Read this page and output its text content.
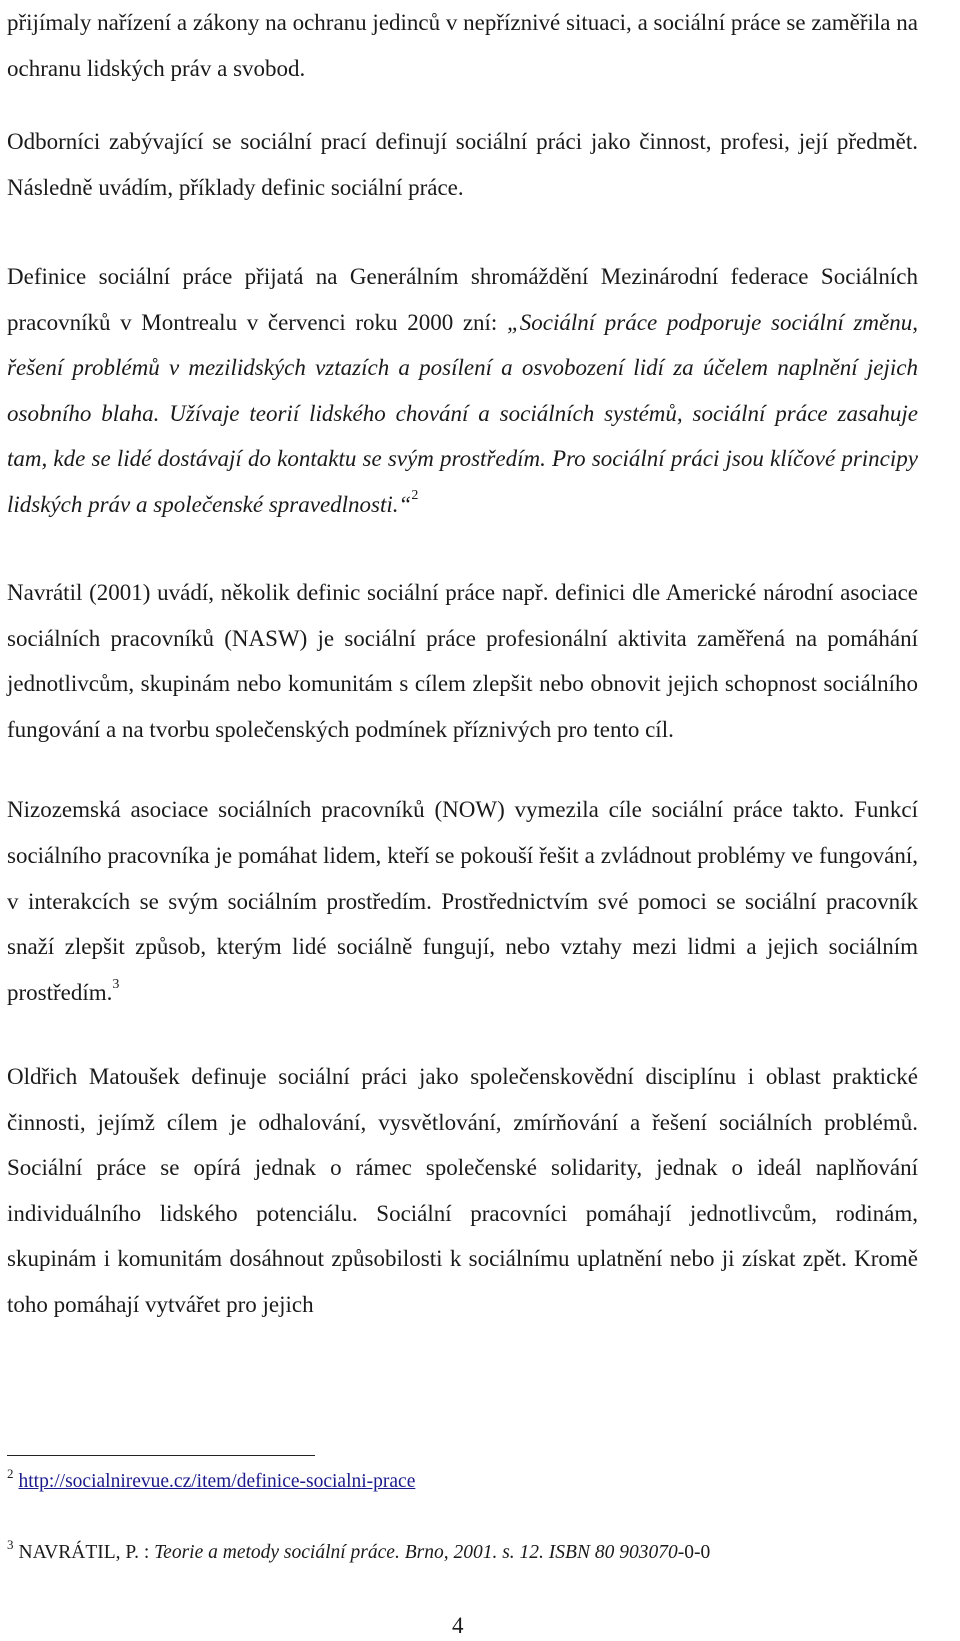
přijímaly nařízení a zákony na ochranu jedinců v nepříznivé situaci, a sociální práce se zaměřila na ochranu lidských práv a svobod.

Odborníci zabývající se sociální prací definují sociální práci jako činnost, profesi, její předmět. Následně uvádím, příklady definic sociální práce.

Definice sociální práce přijatá na Generálním shromáždění Mezinárodní federace Sociálních pracovníků v Montrealu v červenci roku 2000 zní: „Sociální práce podporuje sociální změnu, řešení problémů v mezilidských vztazích a posílení a osvobození lidí za účelem naplnění jejich osobního blaha. Užívaje teorií lidského chování a sociálních systémů, sociální práce zasahuje tam, kde se lidé dostávají do kontaktu se svým prostředím. Pro sociální práci jsou klíčové principy lidských práv a společenské spravedlnosti.“$^2$

Navrátil (2001) uvádí, několik definic sociální práce např. definici dle Americké národní asociace sociálních pracovníků (NASW) je sociální práce profesionální aktivita zaměřená na pomáhání jednotlivcům, skupinám nebo komunitám s cílem zlepšit nebo obnovit jejich schopnost sociálního fungování a na tvorbu společenských podmínek příznivých pro tento cíl.

Nizozemská asociace sociálních pracovníků (NOW) vymezila cíle sociální práce takto. Funkcí sociálního pracovníka je pomáhat lidem, kteří se pokouší řešit a zvládnout problémy ve fungování, v interakcích se svým sociálním prostředím. Prostřednictvím své pomoci se sociální pracovník snaží zlepšit způsob, kterým lidé sociálně fungují, nebo vztahy mezi lidmi a jejich sociálním prostředím.$^3$

Oldřich Matoušek definuje sociální práci jako společenskovědní disciplínu i oblast praktické činnosti, jejímž cílem je odhalování, vysvětlování, zmírňování a řešení sociálních problémů. Sociální práce se opírá jednak o rámec společenské solidarity, jednak o ideál naplňování individuálního lidského potenciálu. Sociální pracovníci pomáhají jednotlivcům, rodinám, skupinám i komunitám dosáhnout způsobilosti k sociálnímu uplatnění nebo ji získat zpět. Kromě toho pomáhají vytvářet pro jejich

$^2$ http://socialnirevue.cz/item/definice-socialni-prace

$^3$ NAVRÁTIL, P. : Teorie a metody sociální práce. Brno, 2001. s. 12. ISBN 80 903070-0-0

4
